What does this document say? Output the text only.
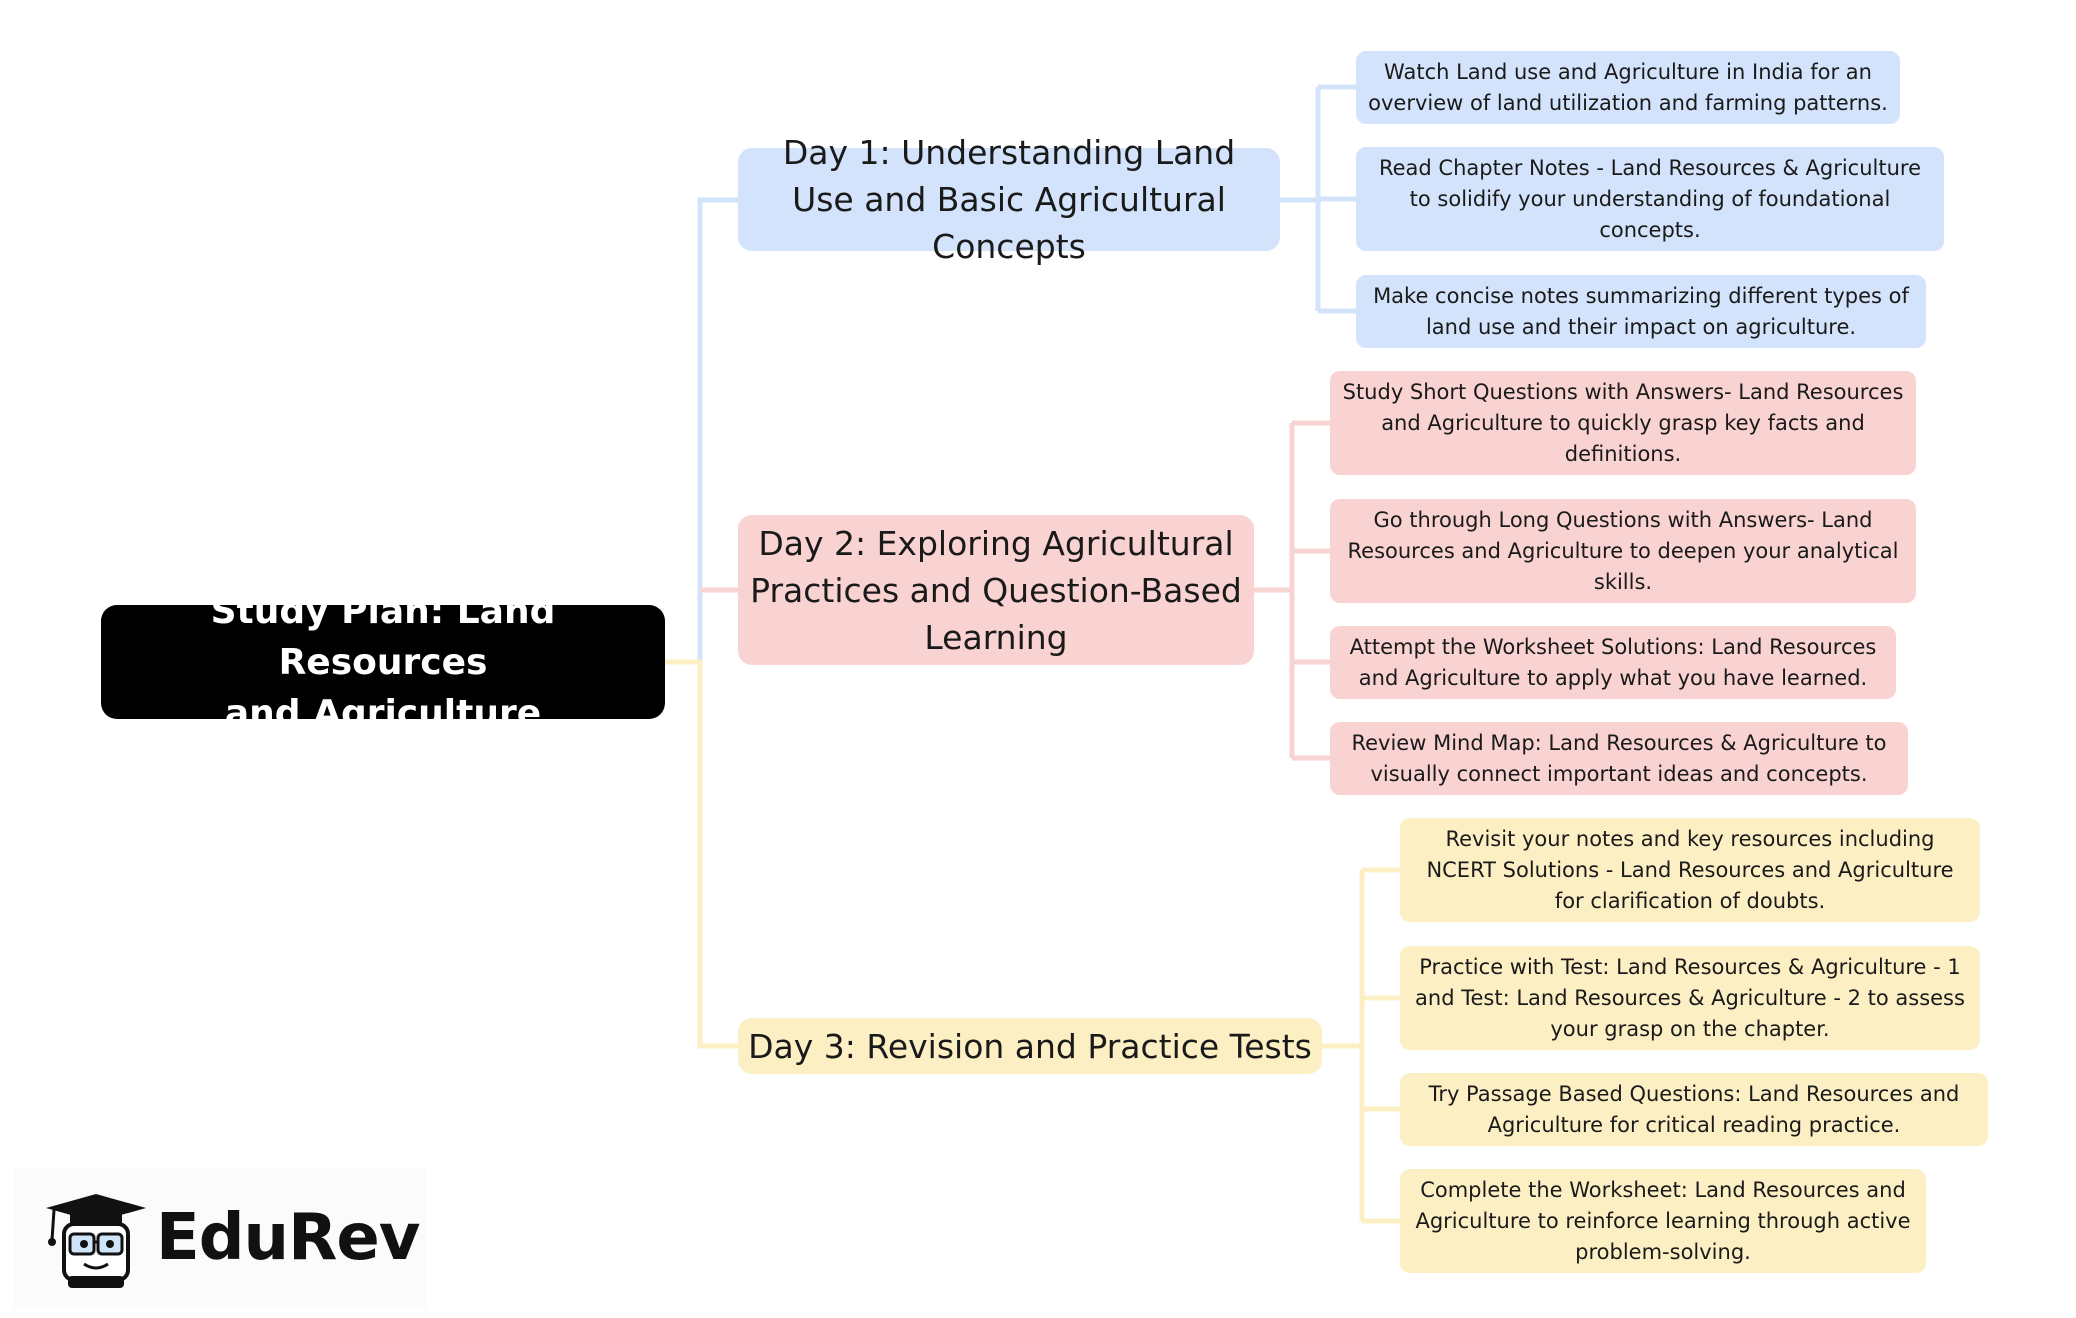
Study Plan: Land Resources
and Agriculture
Day 1: Understanding Land Use and Basic Agricultural Concepts
Day 2: Exploring Agricultural Practices and Question-Based Learning
Day 3: Revision and Practice Tests
Watch Land use and Agriculture in India for an overview of land utilization and farming patterns.
Read Chapter Notes - Land Resources & Agriculture to solidify your understanding of foundational concepts.
Make concise notes summarizing different types of land use and their impact on agriculture.
Study Short Questions with Answers- Land Resources and Agriculture to quickly grasp key facts and definitions.
Go through Long Questions with Answers- Land Resources and Agriculture to deepen your analytical skills.
Attempt the Worksheet Solutions: Land Resources and Agriculture to apply what you have learned.
Review Mind Map: Land Resources & Agriculture to visually connect important ideas and concepts.
Revisit your notes and key resources including NCERT Solutions - Land Resources and Agriculture for clarification of doubts.
Practice with Test: Land Resources & Agriculture - 1 and Test: Land Resources & Agriculture - 2 to assess your grasp on the chapter.
Try Passage Based Questions: Land Resources and Agriculture for critical reading practice.
Complete the Worksheet: Land Resources and Agriculture to reinforce learning through active problem-solving.
EduRev
